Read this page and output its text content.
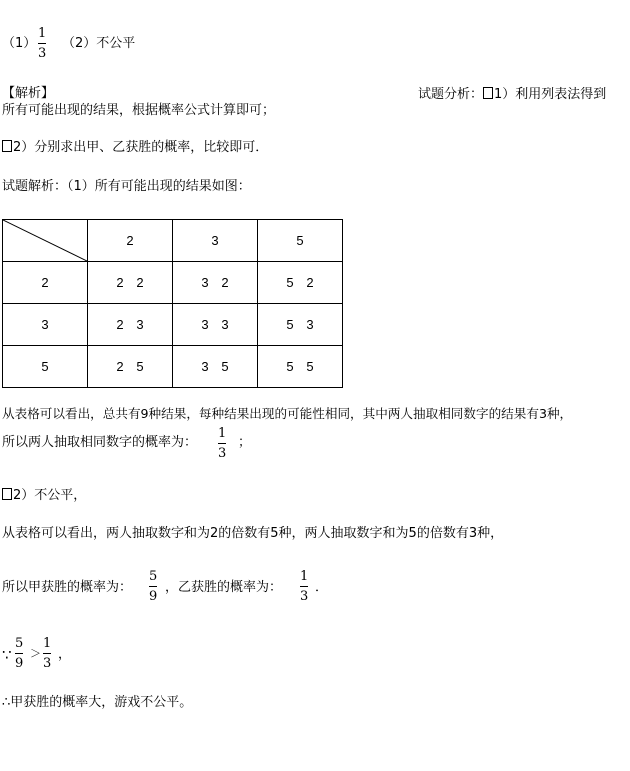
（1）
1
3
（2）不公平
【解析】	试题分析： 1）利用列表法得到
所有可能出现的结果，根据概率公式计算即可；
2）分别求出甲、乙获胜的概率，比较即可．
试题解析：（1）所有可能出现的结果如图：
	2	3	5
2	2 2	3 2	5 2
3	2 3	3 3	5 3
5	2 5	3 5	5 5
从表格可以看出，总共有9种结果，每种结果出现的可能性相同，其中两人抽取相同数字的结果有3种，
所以两人抽取相同数字的概率为：
1
3
；
2）不公平，
从表格可以看出，两人抽取数字和为2的倍数有5种，两人抽取数字和为5的倍数有3种，
所以甲获胜的概率为：
5
9
，乙获胜的概率为：
1
3
．
∵
5
9
＞
1
3
，
∴甲获胜的概率大，游戏不公平。
